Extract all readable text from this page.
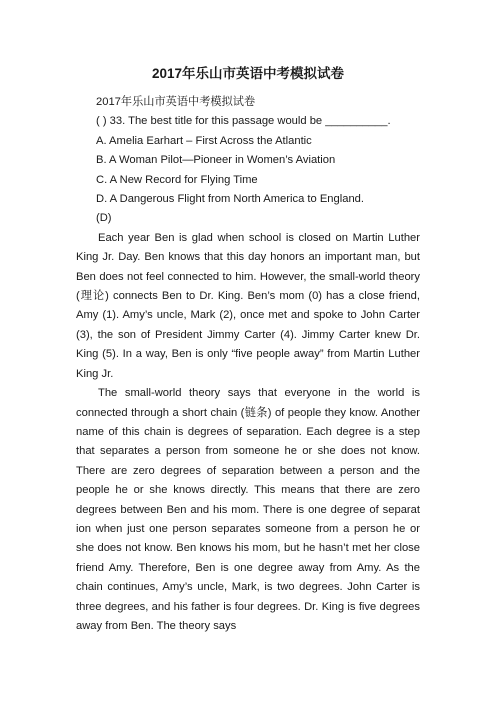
2017年乐山市英语中考模拟试卷

2017年乐山市英语中考模拟试卷

( ) 33. The best title for this passage would be __________.

A. Amelia Earhart – First Across the Atlantic

B. A Woman Pilot—Pioneer in Women’s Aviation

C. A New Record for Flying Time

D. A Dangerous Flight from North America to England.

(D)

Each year Ben is glad when school is closed on Martin Luther King Jr. Day. Ben knows that this day honors an important man, but Ben does not feel connected to him. However, the small-world theory (理论) connects Ben to Dr. King. Ben’s mom (0) has a close friend, Amy (1). Amy’s uncle, Mark (2), once met and spoke to John Carter (3), the son of President Jimmy Carter (4). Jimmy Carter knew Dr. King (5). In a way, Ben is only “five people away” from Martin Luther King Jr.

The small-world theory says that everyone in the world is connected through a short chain (链条) of people they know. Another name of this chain is degrees of separation. Each degree is a step that separates a person from someone he or she does not know. There are zero degrees of separation between a person and the people he or she knows directly. This means that there are zero degrees between Ben and his mom. There is one degree of separat ion when just one person separates someone from a person he or she does not know. Ben knows his mom, but he hasn’t met her close friend Amy. Therefore, Ben is one degree away from Amy. As the chain continues, Amy’s uncle, Mark, is two degrees. John Carter is three degrees, and his father is four degrees. Dr. King is five degrees away from Ben. The theory says
